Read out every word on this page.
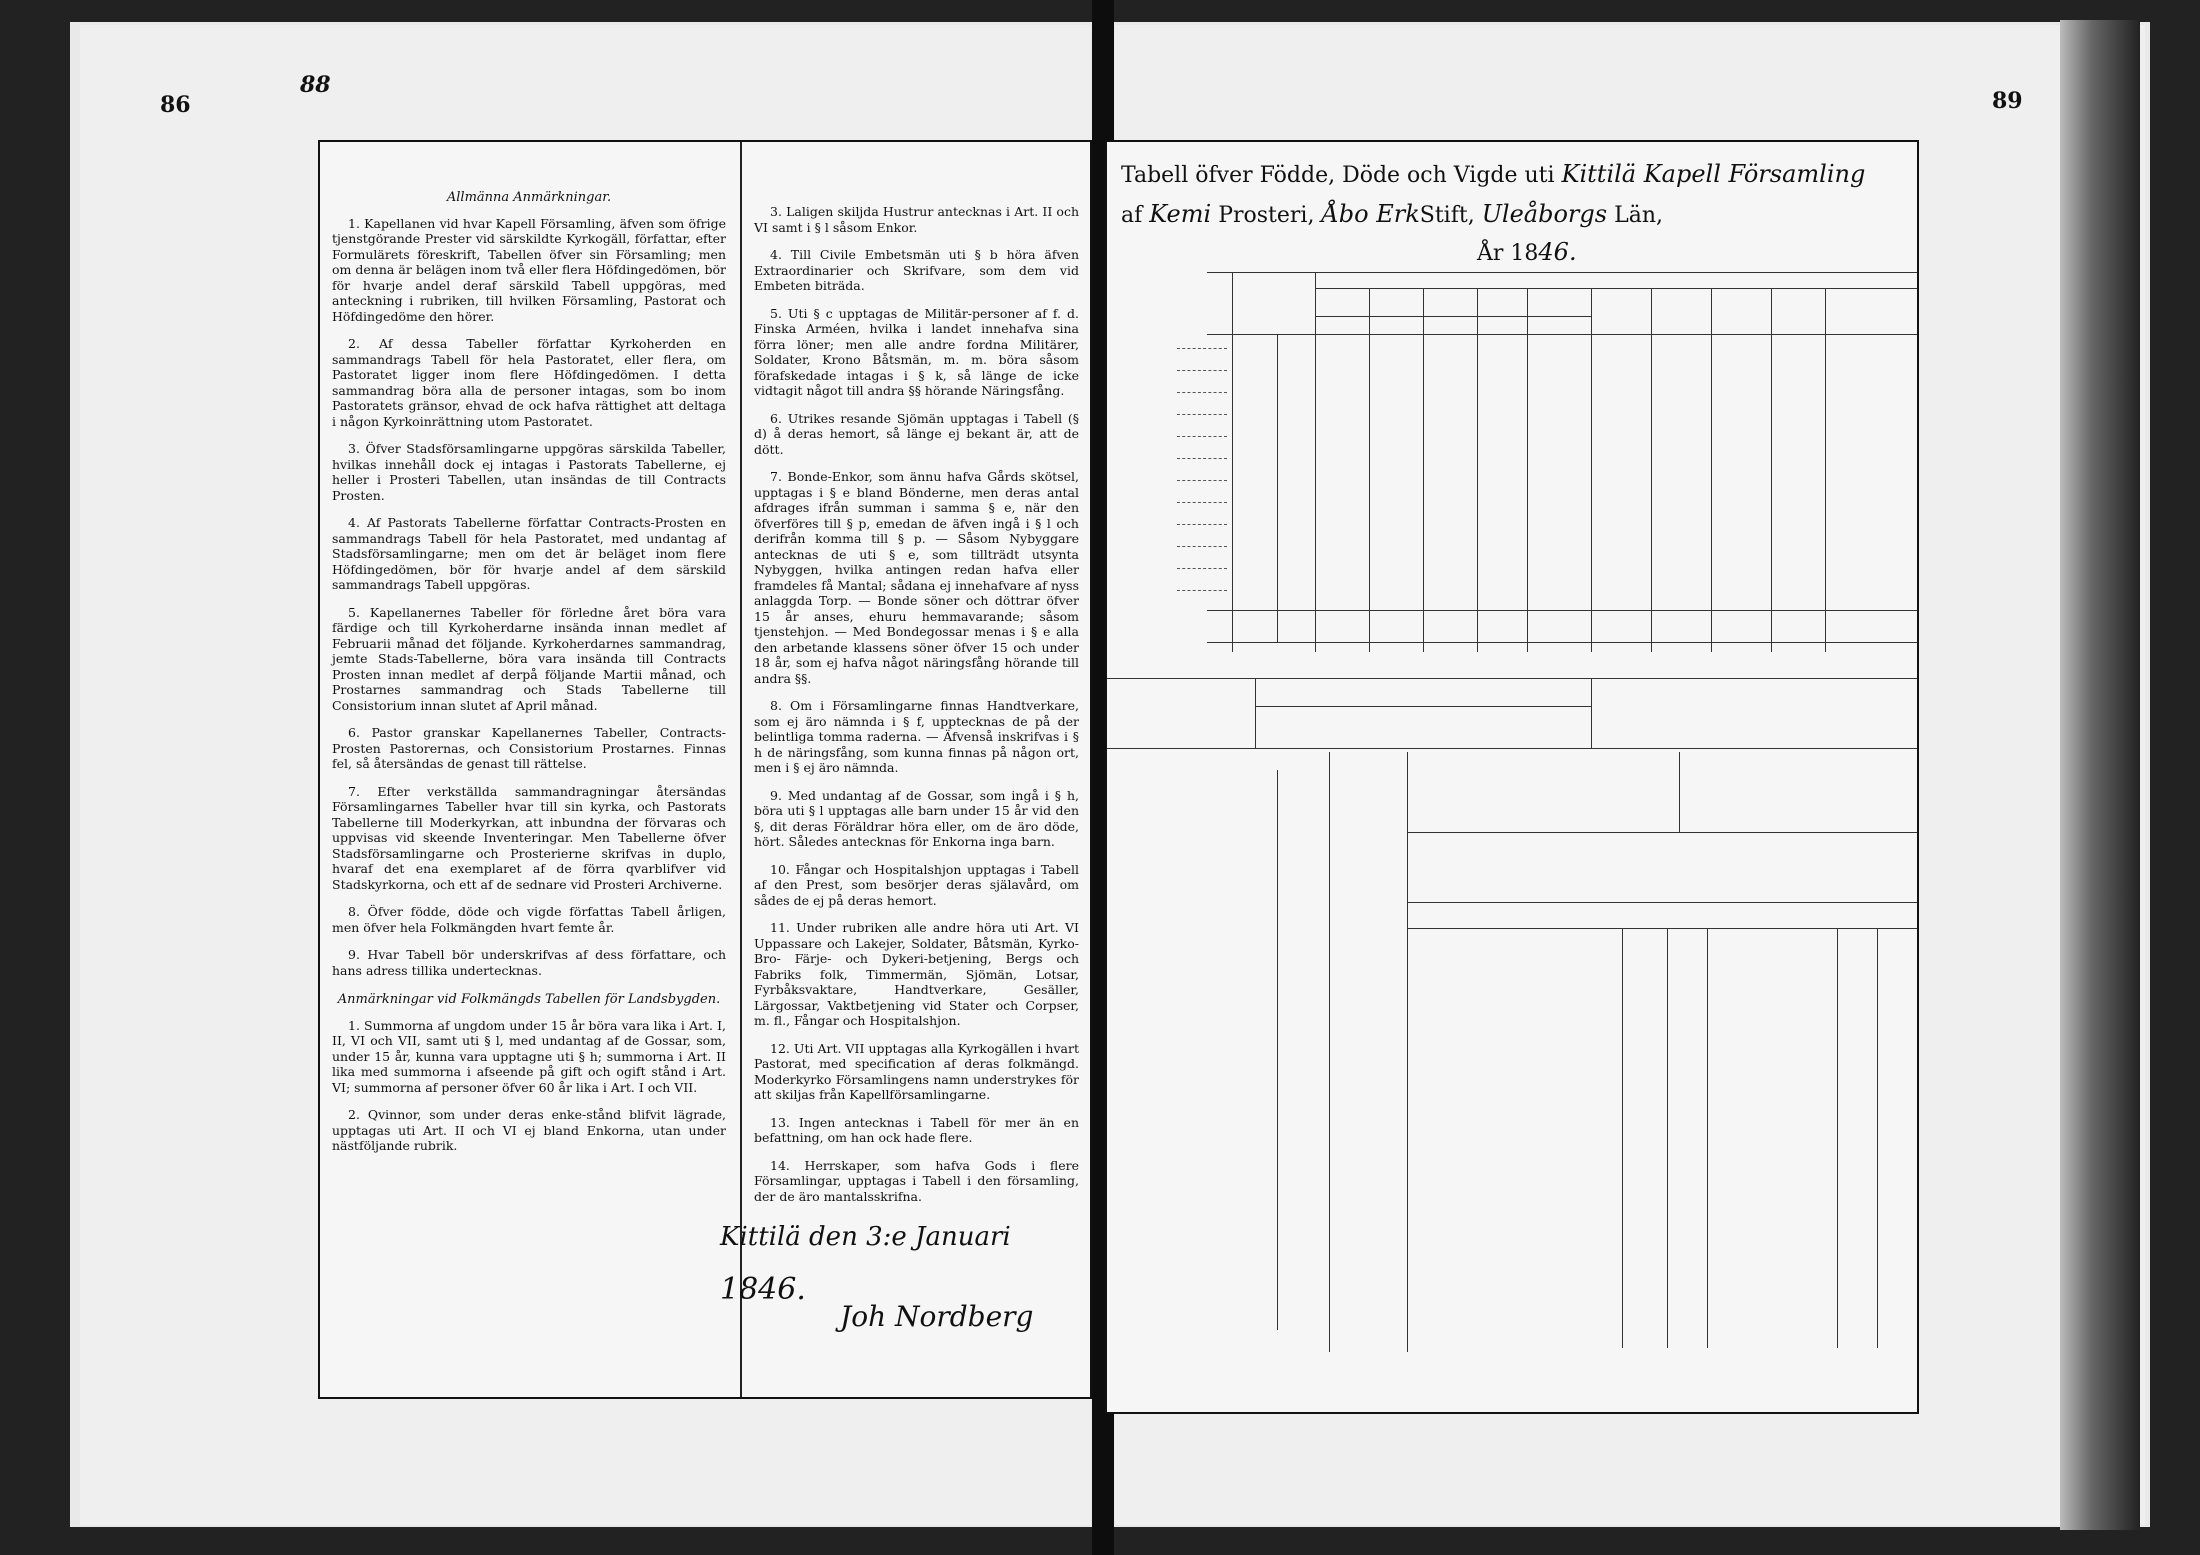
86
88
89
Allmänna Anmärkningar.

1. Kapellanen vid hvar Kapell Församling, äfven som öfrige tjenstgörande Prester vid särskildte Kyrkogäll, författar, efter Formulärets föreskrift, Tabellen öfver sin Församling; men om denna är belägen inom två eller flera Höfdingedömen, bör för hvarje andel deraf särskild Tabell uppgöras, med anteckning i rubriken, till hvilken Församling, Pastorat och Höfdingedöme den hörer.

2. Af dessa Tabeller författar Kyrkoherden en sammandrags Tabell för hela Pastoratet, eller flera, om Pastoratet ligger inom flere Höfdingedömen. I detta sammandrag böra alla de personer intagas, som bo inom Pastoratets gränsor, ehvad de ock hafva rättighet att deltaga i någon Kyrkoinrättning utom Pastoratet.

3. Öfver Stadsförsamlingarne uppgöras särskilda Tabeller, hvilkas innehåll dock ej intagas i Pastorats Tabellerne, ej heller i Prosteri Tabellen, utan insändas de till Contracts Prosten.

4. Af Pastorats Tabellerne författar Contracts-Prosten en sammandrags Tabell för hela Pastoratet, med undantag af Stadsförsamlingarne; men om det är beläget inom flere Höfdingedömen, bör för hvarje andel af dem särskild sammandrags Tabell uppgöras.

5. Kapellanernes Tabeller för förledne året böra vara färdige och till Kyrkoherdarne insända innan medlet af Februarii månad det följande. Kyrkoherdarnes sammandrag, jemte Stads-Tabellerne, böra vara insända till Contracts Prosten innan medlet af derpå följande Martii månad, och Prostarnes sammandrag och Stads Tabellerne till Consistorium innan slutet af April månad.

6. Pastor granskar Kapellanernes Tabeller, Contracts-Prosten Pastorernas, och Consistorium Prostarnes. Finnas fel, så återsändas de genast till rättelse.

7. Efter verkställda sammandragningar återsändas Församlingarnes Tabeller hvar till sin kyrka, och Pastorats Tabellerne till Moderkyrkan, att inbundna der förvaras och uppvisas vid skeende Inventeringar. Men Tabellerne öfver Stadsförsamlingarne och Prosterierne skrifvas in duplo, hvaraf det ena exemplaret af de förra qvarblifver vid Stadskyrkorna, och ett af de sednare vid Prosteri Archiverne.

8. Öfver födde, döde och vigde författas Tabell årligen, men öfver hela Folkmängden hvart femte år.

9. Hvar Tabell bör underskrifvas af dess författare, och hans adress tillika undertecknas.

Anmärkningar vid Folkmängds Tabellen för Landsbygden.

1. Summorna af ungdom under 15 år böra vara lika i Art. I, II, VI och VII, samt uti § l, med undantag af de Gossar, som, under 15 år, kunna vara upptagne uti § h; summorna i Art. II lika med summorna i afseende på gift och ogift stånd i Art. VI; summorna af personer öfver 60 år lika i Art. I och VII.

2. Qvinnor, som under deras enke-stånd blifvit lägrade, upptagas uti Art. II och VI ej bland Enkorna, utan under nästföljande rubrik.

3. Laligen skiljda Hustrur antecknas i Art. II och VI samt i § l såsom Enkor.

4. Till Civile Embetsmän uti § b höra äfven Extraordinarier och Skrifvare, som dem vid Embeten biträda.

5. Uti § c upptagas de Militär-personer af f. d. Finska Arméen, hvilka i landet innehafva sina förra löner; men alle andre fordna Militärer, Soldater, Kronо Båtsmän, m. m. böra såsom förafskedade intagas i § k, så länge de icke vidtagit något till andra §§ hörande Näringsfång.

6. Utrikes resande Sjömän upptagas i Tabell (§ d) å deras hemort, så länge ej bekant är, att de dött.

7. Bonde-Enkor, som ännu hafva Gårds skötsel, upptagas i § e bland Bönderne, men deras antal afdrages ifrån summan i samma § e, när den öfverföres till § p, emedan de äfven ingå i § l och derifrån komma till § p. — Såsom Nybyggare antecknas de uti § e, som tillträdt utsynta Nybyggen, hvilka antingen redan hafva eller framdeles få Mantal; sådana ej innehafvare af nyss anlaggda Torp. — Bonde söner och döttrar öfver 15 år anses, ehuru hemmavarande; såsom tjenstehjon. — Med Bondegossar menas i § e alla den arbetande klassens söner öfver 15 och under 18 år, som ej hafva något näringsfång hörande till andra §§.

8. Om i Församlingarne finnas Handtverkare, som ej äro nämnda i § f, upptecknas de på der belintliga tomma raderna. — Äfvenså inskrifvas i § h de näringsfång, som kunna finnas på någon ort, men i § ej äro nämnda.

9. Med undantag af de Gossar, som ingå i § h, böra uti § l upptagas alle barn under 15 år vid den §, dit deras Föräldrar höra eller, om de äro döde, hört. Således antecknas för Enkorna inga barn.

10. Fångar och Hospitalshjon upptagas i Tabell af den Prest, som besörjer deras själavård, om sådes de ej på deras hemort.

11. Under rubriken alle andre höra uti Art. VI Uppassare och Lakejer, Soldater, Båtsmän, Kyrko- Bro- Färje- och Dykeri-betjening, Bergs och Fabriks folk, Timmermän, Sjömän, Lotsar, Fyrbåksvaktare, Handtverkare, Gesäller, Lärgossar, Vaktbetjening vid Stater och Corpser, m. fl., Fångar och Hospitalshjon.

12. Uti Art. VII upptagas alla Kyrkogällen i hvart Pastorat, med specification af deras folkmängd. Moderkyrko Församlingens namn understrykes för att skiljas från Kapellförsamlingarne.

13. Ingen antecknas i Tabell för mer än en befattning, om han ock hade flere.

14. Herrskaper, som hafva Gods i flere Församlingar, upptagas i Tabell i den församling, der de äro mantalsskrifna.

Kittilä den 3:e Januari
1846.
Joh Nordberg
Tabell öfver Födde, Döde och Vigde uti Kittilä Kapell Församling
af Kemi Prosteri, Åbo ErkStift, Uleåborgs Län,
År 1846.
